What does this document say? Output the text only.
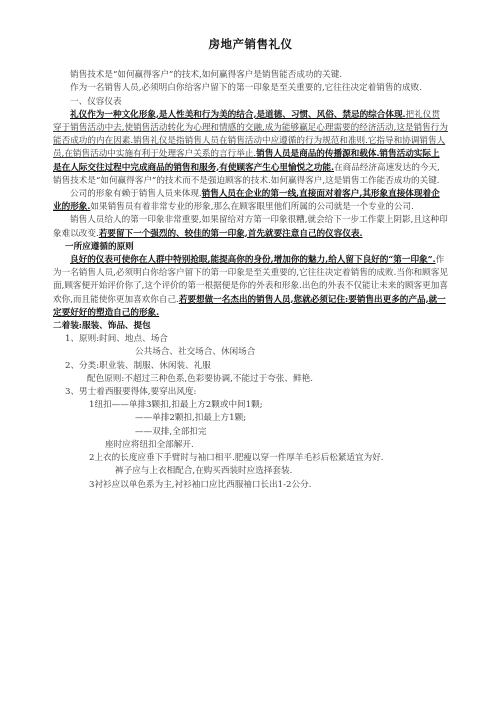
房地产销售礼仪

销售技术是“如何赢得客户”的技术,如何赢得客户是销售能否成功的关键.

作为一名销售人员,必须明白你给客户留下的第一印象是至关重要的,它往往决定着销售的成败.

一、仪容仪表

礼仪作为一种文化形象,是人性美和行为美的结合,是道德、习惯、风俗、禁忌的综合体现.把礼仪贯穿于销售活动中去,使销售活动转化为心理和情感的交融,成为能够赢足心理需要的经济活动,这是销售行为能否成功的内在因素.销售礼仪是指销售人员在销售活动中应遵循的行为规范和准则.它指导和协调销售人员,在销售活动中实施有利于处理客户关系的言行举止.销售人员是商品的传播源和载体.销售活动实际上是在人际交往过程中完成商品的销售和服务,有使顾客产生心里愉悦之功能.在商品经济高速发达的今天,销售技术是“如何赢得客户”的技术而不是强迫顾客的技术.如何赢得客户,这是销售工作能否成功的关键.

公司的形象有赖于销售人员来体现.销售人员在企业的第一线,直接面对着客户,其形象直接体现着企业的形象.如果销售员有着非常专业的形象,那么在顾客眼里他们所属的公司就是一个专业的公司.

销售人员给人的第一印象非常重要,如果留给对方第一印象很糟,就会给下一步工作蒙上阴影,且这种印象难以改变.若要留下一个强烈的、较佳的第一印象,首先就要注意自己的仪容仪表.

一所应遵循的原则

良好的仪表可使你在人群中特别抢眼,能提高你的身份,增加你的魅力,给人留下良好的“第一印象”.作为一名销售人员,必须明白你给客户留下的第一印象是至关重要的,它往往决定着销售的成败.当你和顾客见面,顾客便开始评价你了,这个评价的第一根据便是你的外表和形象.出色的外表不仅能让未来的顾客更加喜欢你,而且能使你更加喜欢你自己.若要想做一名杰出的销售人员,您就必须记住:要销售出更多的产品,就一定要好好的塑造自己的形象.

二着装:服装、饰品、提包

1、原则:时间、地点、场合

公共场合、社交场合、休闲场合

2、分类:职业装、制服、休闲装、礼服

配色原则:不超过三种色系,色彩要协调,不能过于夸张、鲜艳.

3、男士着西服要得体,要穿出风度:

1纽扣——单排3颗扣,扣最上方2颗或中间1颗;

——单排2颗扣,扣最上方1颗;

——双排,全部扣完

座时应将纽扣全部解开.

2上衣的长度应垂下手臂时与袖口相平.肥瘦以穿一件厚羊毛衫后松紧适宜为好.

裤子应与上衣相配合,在购买西装时应选择套装.

3衬衫应以单色系为主,衬衫袖口应比西服袖口长出1-2公分.
